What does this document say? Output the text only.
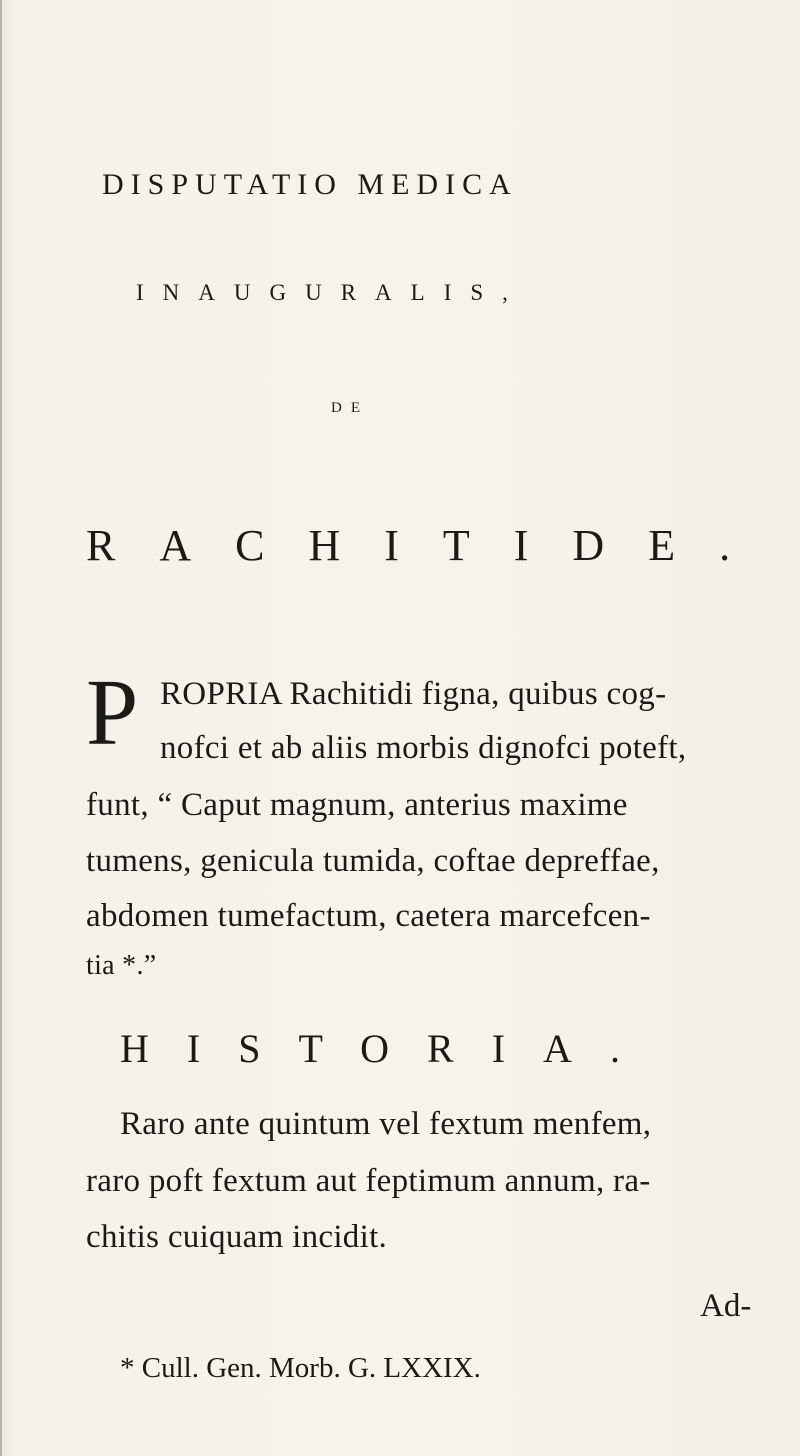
DISPUTATIO MEDICA
INAUGURALIS,
DE
RACHITIDE.
P ROPRIA Rachitidi figna, quibus cog-
nofci et ab aliis morbis dignofci poteft,
funt, “ Caput magnum, anterius maxime
tumens, genicula tumida, coftae depreffae,
abdomen tumefactum, caetera marcefcen-
tia *.”
HISTORIA.
Raro ante quintum vel fextum menfem,
raro poft fextum aut feptimum annum, ra-
chitis cuiquam incidit.
Ad-
* Cull. Gen. Morb. G. LXXIX.
